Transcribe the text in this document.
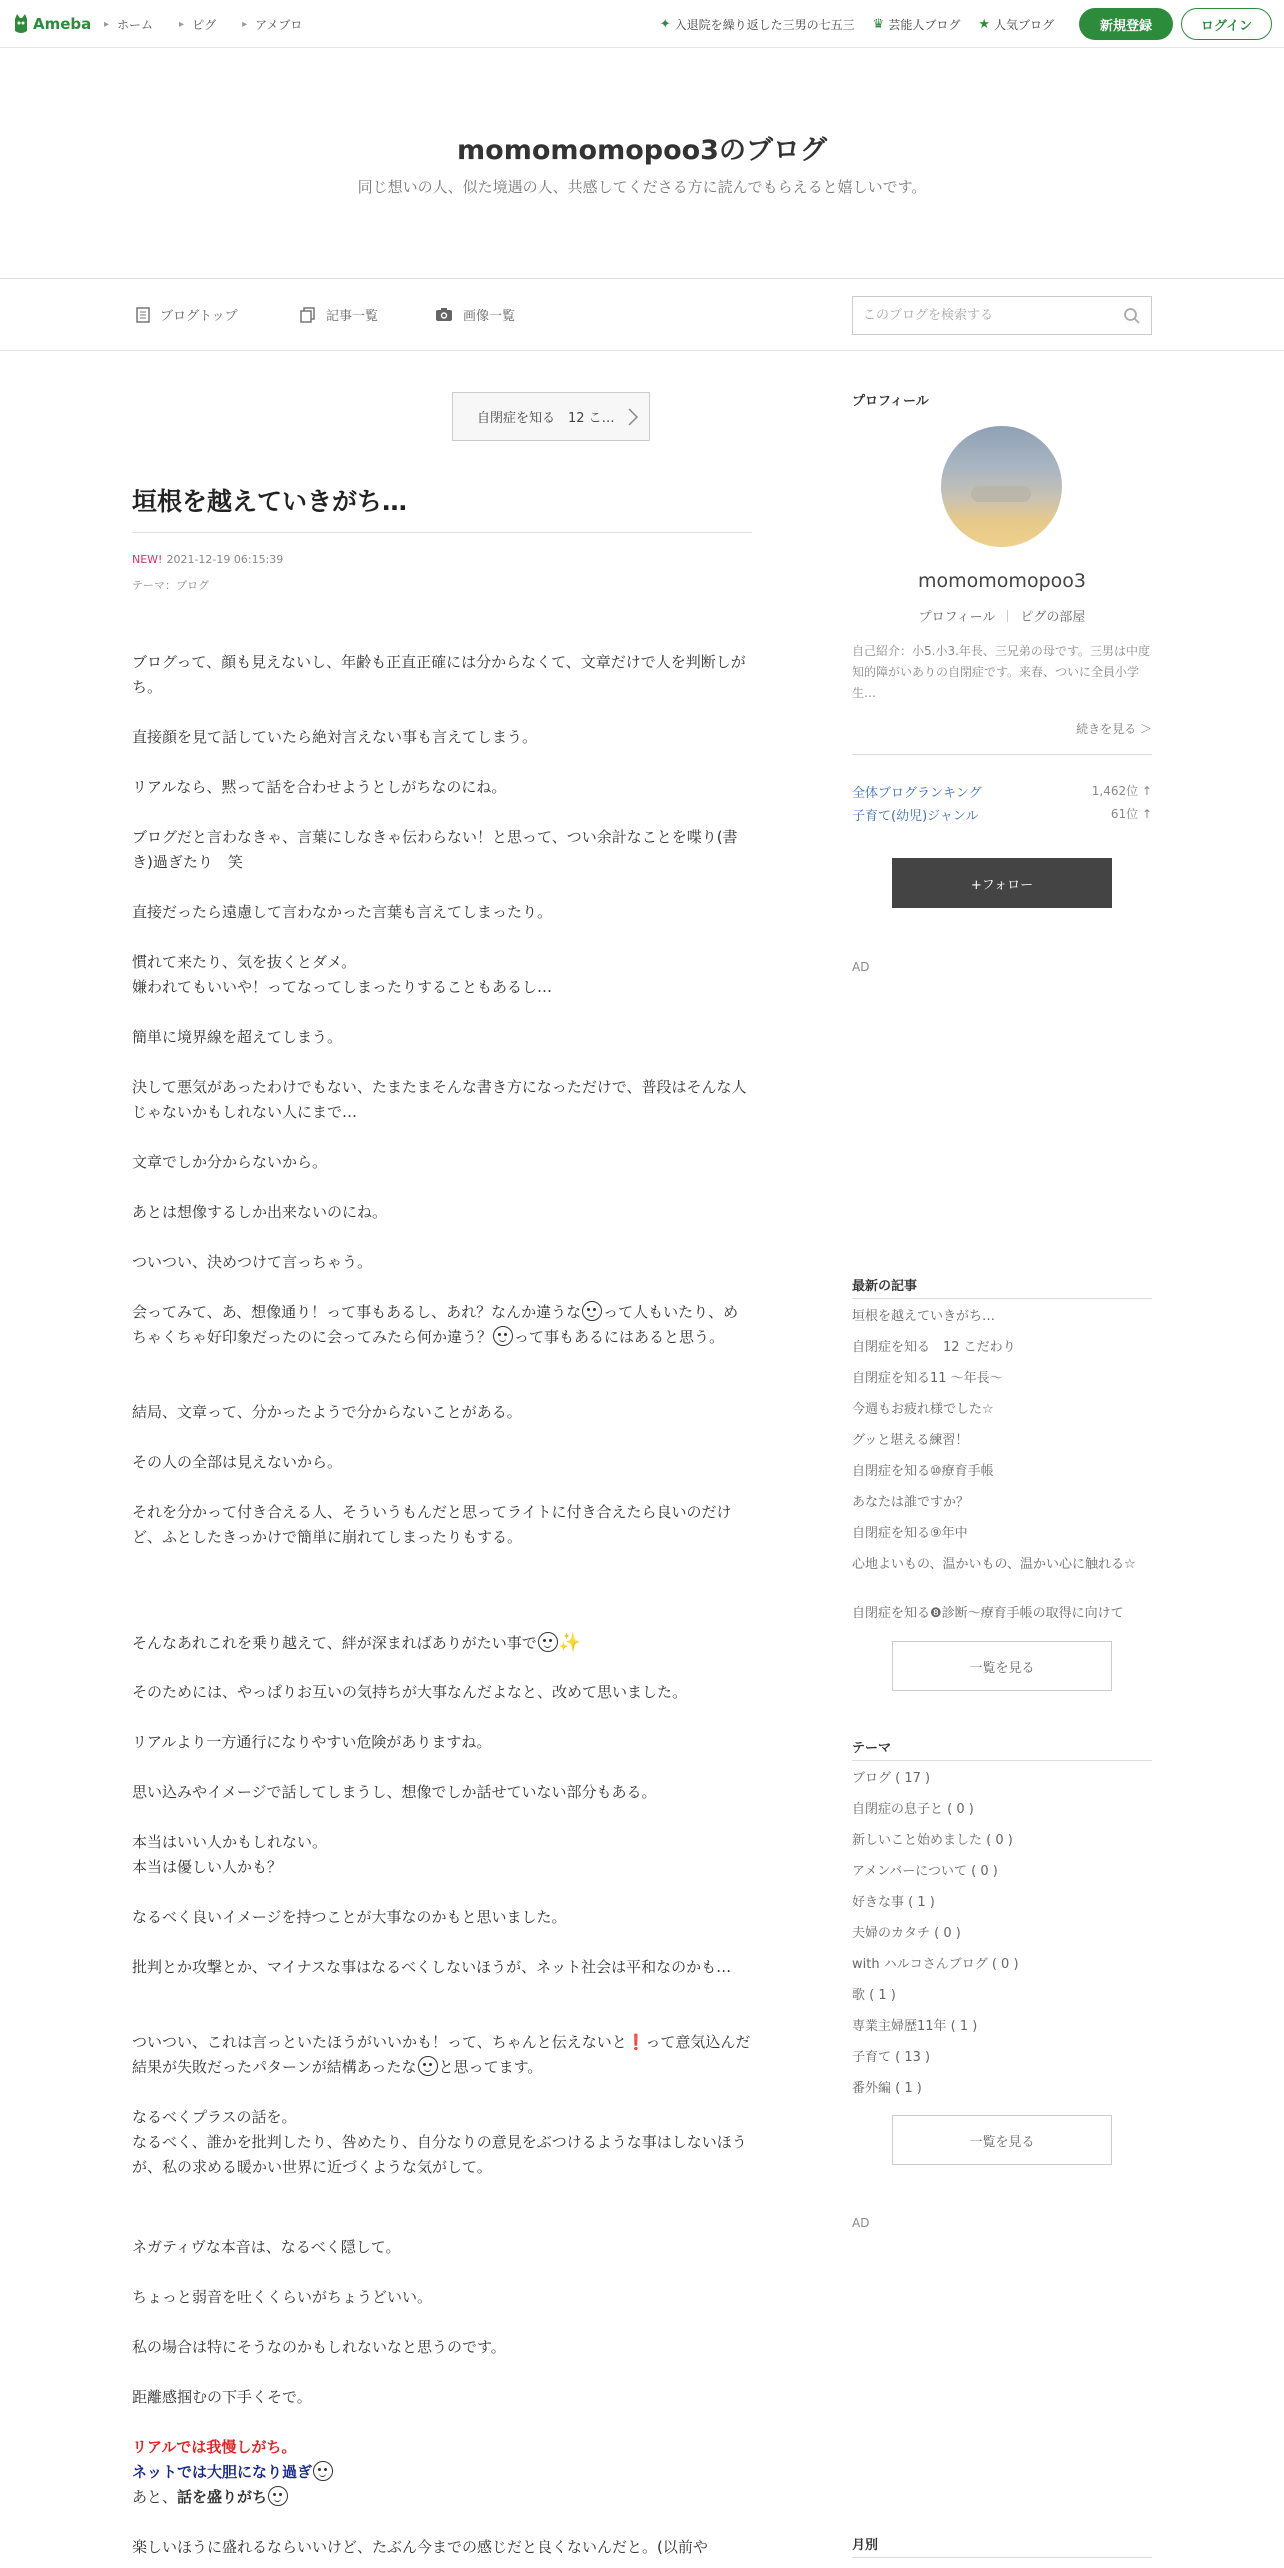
Ameba ▸ ホーム	▸ ピグ	▸ アメブロ	✦ 入退院を繰り返した三男の七五三 ♛ 芸能人ブログ ★ 人気ブログ	新規登録	ログイン
momomomopoo3のブログ
同じ想いの人、似た境遇の人、共感してくださる方に読んでもらえると嬉しいです。
ブログトップ	記事一覧	画像一覧
このブログを検索する
自閉症を知る　12 こ…
垣根を越えていきがち…
NEW! 2021-12-19 06:15:39
テーマ：ブログ

ブログって、顔も見えないし、年齢も正直正確には分からなくて、文章だけで人を判断しがち。

直接顔を見て話していたら絶対言えない事も言えてしまう。

リアルなら、黙って話を合わせようとしがちなのにね。

ブログだと言わなきゃ、言葉にしなきゃ伝わらない！と思って、つい余計なことを喋り(書き)過ぎたり　笑

直接だったら遠慮して言わなかった言葉も言えてしまったり。

慣れて来たり、気を抜くとダメ。
嫌われてもいいや！ってなってしまったりすることもあるし…

簡単に境界線を超えてしまう。

決して悪気があったわけでもない、たまたまそんな書き方になっただけで、普段はそんな人じゃないかもしれない人にまで…

文章でしか分からないから。

あとは想像するしか出来ないのにね。

ついつい、決めつけて言っちゃう。

会ってみて、あ、想像通り！って事もあるし、あれ？なんか違うな って人もいたり、めちゃくちゃ好印象だったのに会ってみたら何か違う？ って事もあるにはあると思う。

結局、文章って、分かったようで分からないことがある。

その人の全部は見えないから。

それを分かって付き合える人、そういうもんだと思ってライトに付き合えたら良いのだけど、ふとしたきっかけで簡単に崩れてしまったりもする。

そんなあれこれを乗り越えて、絆が深まればありがたい事で ✨

そのためには、やっぱりお互いの気持ちが大事なんだよなと、改めて思いました。

リアルより一方通行になりやすい危険がありますね。

思い込みやイメージで話してしまうし、想像でしか話せていない部分もある。

本当はいい人かもしれない。
本当は優しい人かも？

なるべく良いイメージを持つことが大事なのかもと思いました。

批判とか攻撃とか、マイナスな事はなるべくしないほうが、ネット社会は平和なのかも…

ついつい、これは言っといたほうがいいかも！って、ちゃんと伝えないと❗って意気込んだ結果が失敗だったパターンが結構あったな と思ってます。

なるべくプラスの話を。
なるべく、誰かを批判したり、咎めたり、自分なりの意見をぶつけるような事はしないほうが、私の求める暖かい世界に近づくような気がして。

ネガティヴな本音は、なるべく隠して。

ちょっと弱音を吐くくらいがちょうどいい。

私の場合は特にそうなのかもしれないなと思うのです。

距離感掴むの下手くそで。

リアルでは我慢しがち。
ネットでは大胆になり過ぎ
あと、話を盛りがち

楽しいほうに盛れるならいいけど、たぶん今までの感じだと良くないんだと。(以前や

プロフィール
momomomopoo3
プロフィール ピグの部屋
自己紹介：小5.小3.年長、三兄弟の母です。三男は中度知的障がいありの自閉症です。来春、ついに全員小学生…
続きを見る ＞
全体ブログランキング	1,462位 ↑
子育て(幼児)ジャンル	61位 ↑
+フォロー
AD
最新の記事
垣根を越えていきがち…
自閉症を知る　12 こだわり
自閉症を知る11 〜年長〜
今週もお疲れ様でした☆
グッと堪える練習！
自閉症を知る⑩療育手帳
あなたは誰ですか？
自閉症を知る⑨年中
心地よいもの、温かいもの、温かい心に触れる☆
自閉症を知る❽診断〜療育手帳の取得に向けて
一覧を見る
テーマ
ブログ ( 17 )
自閉症の息子と ( 0 )
新しいこと始めました ( 0 )
アメンバーについて ( 0 )
好きな事 ( 1 )
夫婦のカタチ ( 0 )
with ハルコさんブログ ( 0 )
歌 ( 1 )
専業主婦歴11年 ( 1 )
子育て ( 13 )
番外編 ( 1 )
一覧を見る
AD
月別
